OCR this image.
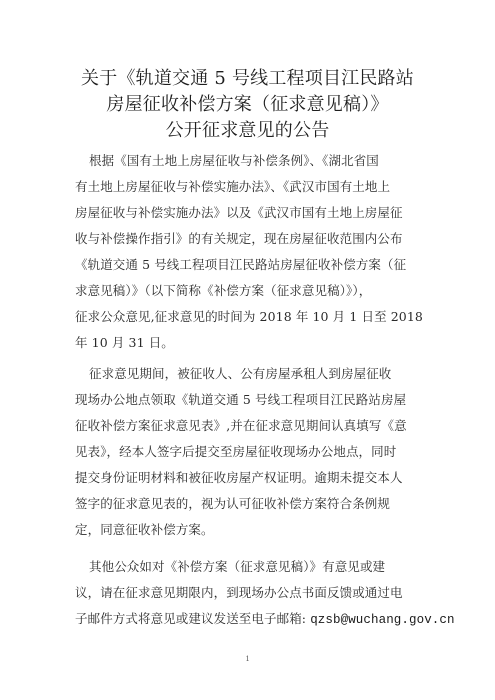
关于《轨道交通 5 号线工程项目江民路站
房屋征收补偿方案（征求意见稿）》
公开征求意见的公告
根据《国有土地上房屋征收与补偿条例》、《湖北省国
有土地上房屋征收与补偿实施办法》、《武汉市国有土地上
房屋征收与补偿实施办法》以及《武汉市国有土地上房屋征
收与补偿操作指引》的有关规定，现在房屋征收范围内公布
《轨道交通 5 号线工程项目江民路站房屋征收补偿方案（征
求意见稿）》（以下简称《补偿方案（征求意见稿）》），
征求公众意见,征求意见的时间为 2018 年 10 月 1 日至 2018
年 10 月 31 日。
征求意见期间，被征收人、公有房屋承租人到房屋征收
现场办公地点领取《轨道交通 5 号线工程项目江民路站房屋
征收补偿方案征求意见表》,并在征求意见期间认真填写《意
见表》，经本人签字后提交至房屋征收现场办公地点，同时
提交身份证明材料和被征收房屋产权证明。逾期未提交本人
签字的征求意见表的，视为认可征收补偿方案符合条例规
定，同意征收补偿方案。
其他公众如对《补偿方案（征求意见稿）》有意见或建
议，请在征求意见期限内，到现场办公点书面反馈或通过电
子邮件方式将意见或建议发送至电子邮箱: qzsb@wuchang.gov.cn
1
